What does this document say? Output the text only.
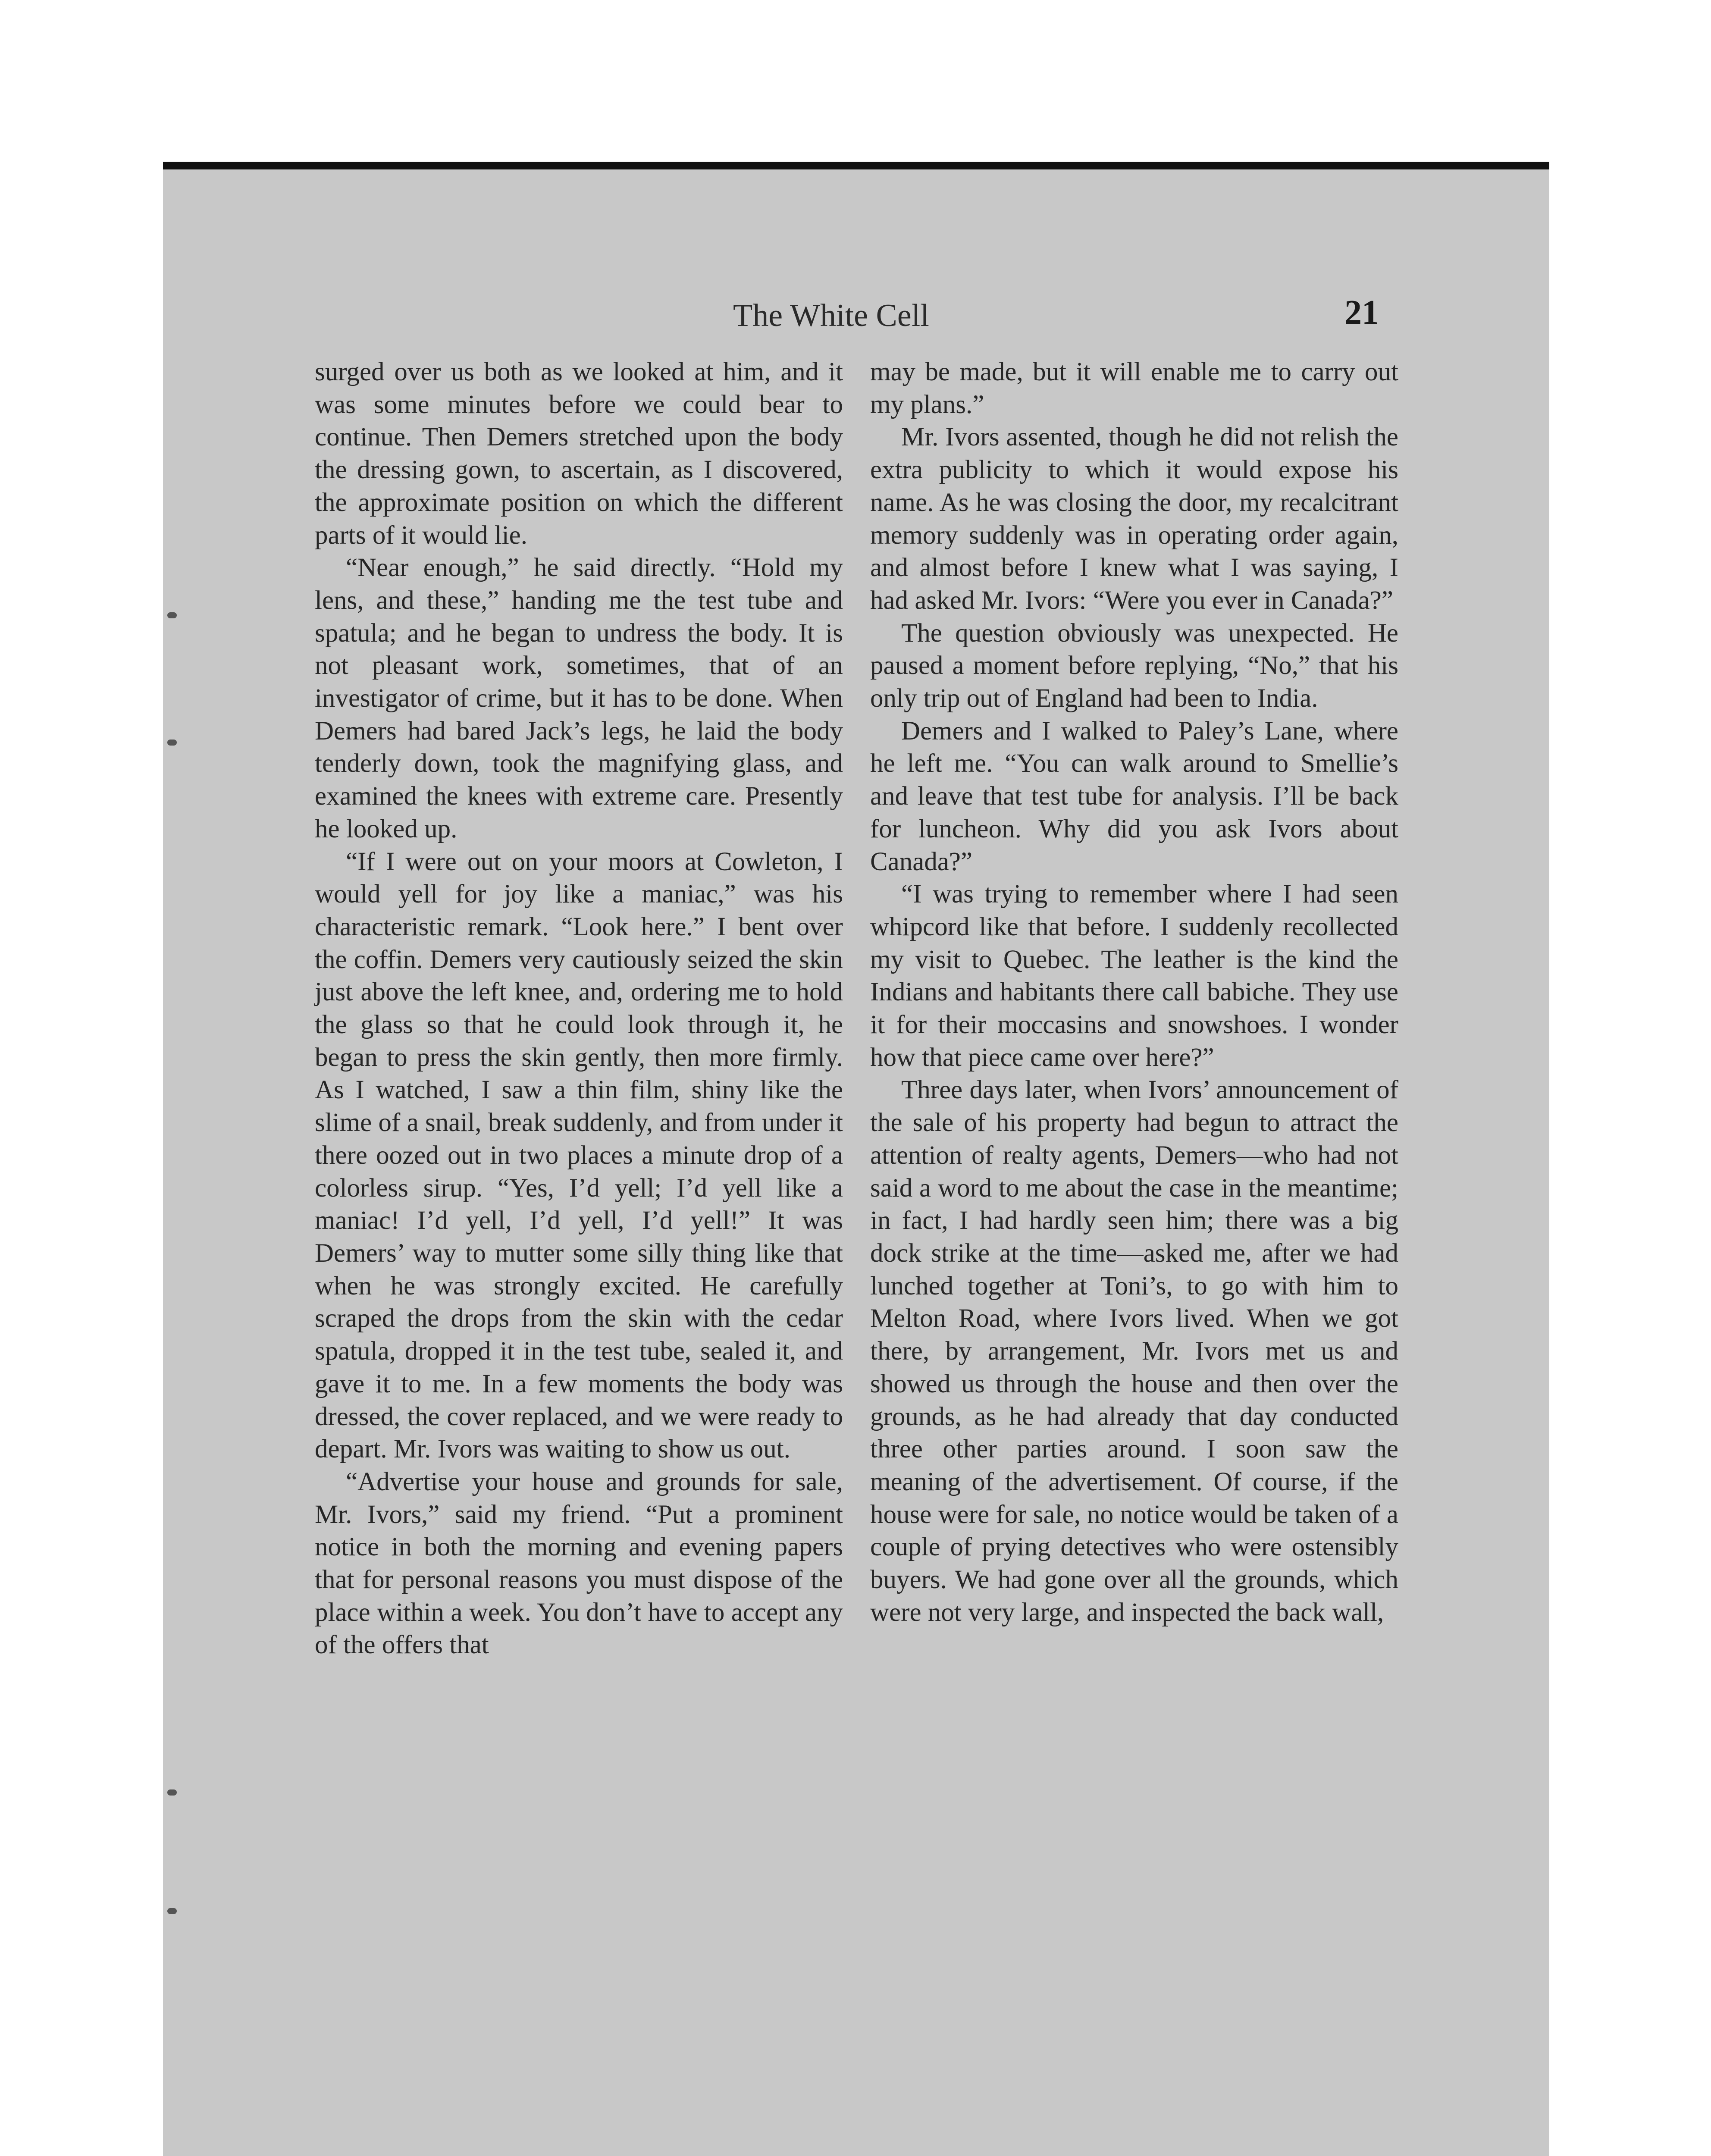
The White Cell	21

surged over us both as we looked at him, and it was some minutes before we could bear to continue. Then Demers stretched upon the body the dressing gown, to ascertain, as I discovered, the approximate position on which the different parts of it would lie.

“Near enough,” he said directly. “Hold my lens, and these,” handing me the test tube and spatula; and he began to undress the body. It is not pleasant work, sometimes, that of an investigator of crime, but it has to be done. When Demers had bared Jack’s legs, he laid the body tenderly down, took the magnifying glass, and examined the knees with extreme care. Presently he looked up.

“If I were out on your moors at Cowleton, I would yell for joy like a maniac,” was his characteristic remark. “Look here.” I bent over the coffin. Demers very cautiously seized the skin just above the left knee, and, ordering me to hold the glass so that he could look through it, he began to press the skin gently, then more firmly. As I watched, I saw a thin film, shiny like the slime of a snail, break suddenly, and from under it there oozed out in two places a minute drop of a colorless sirup. “Yes, I’d yell; I’d yell like a maniac! I’d yell, I’d yell, I’d yell!” It was Demers’ way to mutter some silly thing like that when he was strongly excited. He carefully scraped the drops from the skin with the cedar spatula, dropped it in the test tube, sealed it, and gave it to me. In a few moments the body was dressed, the cover replaced, and we were ready to depart. Mr. Ivors was waiting to show us out.

“Advertise your house and grounds for sale, Mr. Ivors,” said my friend. “Put a prominent notice in both the morning and evening papers that for personal reasons you must dispose of the place within a week. You don’t have to accept any of the offers that

may be made, but it will enable me to carry out my plans.”

Mr. Ivors assented, though he did not relish the extra publicity to which it would expose his name. As he was closing the door, my recalcitrant memory suddenly was in operating order again, and almost before I knew what I was saying, I had asked Mr. Ivors: “Were you ever in Canada?”

The question obviously was unexpected. He paused a moment before replying, “No,” that his only trip out of England had been to India.

Demers and I walked to Paley’s Lane, where he left me. “You can walk around to Smellie’s and leave that test tube for analysis. I’ll be back for luncheon. Why did you ask Ivors about Canada?”

“I was trying to remember where I had seen whipcord like that before. I suddenly recollected my visit to Quebec. The leather is the kind the Indians and habitants there call babiche. They use it for their moccasins and snowshoes. I wonder how that piece came over here?”

Three days later, when Ivors’ announcement of the sale of his property had begun to attract the attention of realty agents, Demers—who had not said a word to me about the case in the meantime; in fact, I had hardly seen him; there was a big dock strike at the time—asked me, after we had lunched together at Toni’s, to go with him to Melton Road, where Ivors lived. When we got there, by arrangement, Mr. Ivors met us and showed us through the house and then over the grounds, as he had already that day conducted three other parties around. I soon saw the meaning of the advertisement. Of course, if the house were for sale, no notice would be taken of a couple of prying detectives who were ostensibly buyers. We had gone over all the grounds, which were not very large, and inspected the back wall,
